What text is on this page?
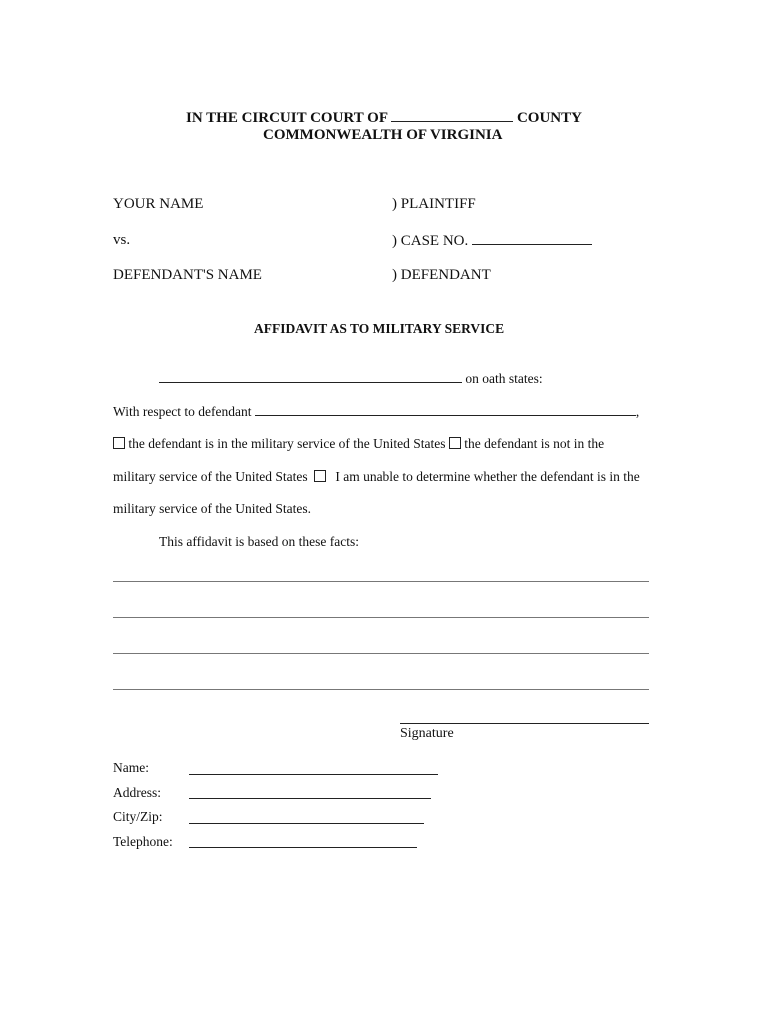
IN THE CIRCUIT COURT OF	COUNTY
COMMONWEALTH OF VIRGINIA
YOUR NAME	) PLAINTIFF
vs.	) CASE NO.
DEFENDANT'S NAME	) DEFENDANT
AFFIDAVIT AS TO MILITARY SERVICE
on oath states:
With respect to defendant	,
the defendant is in the military service of the United States the defendant is not in the
military service of the United States I am unable to determine whether the defendant is in the
military service of the United States.
This affidavit is based on these facts:
Signature
Name:
Address:
City/Zip:
Telephone:
